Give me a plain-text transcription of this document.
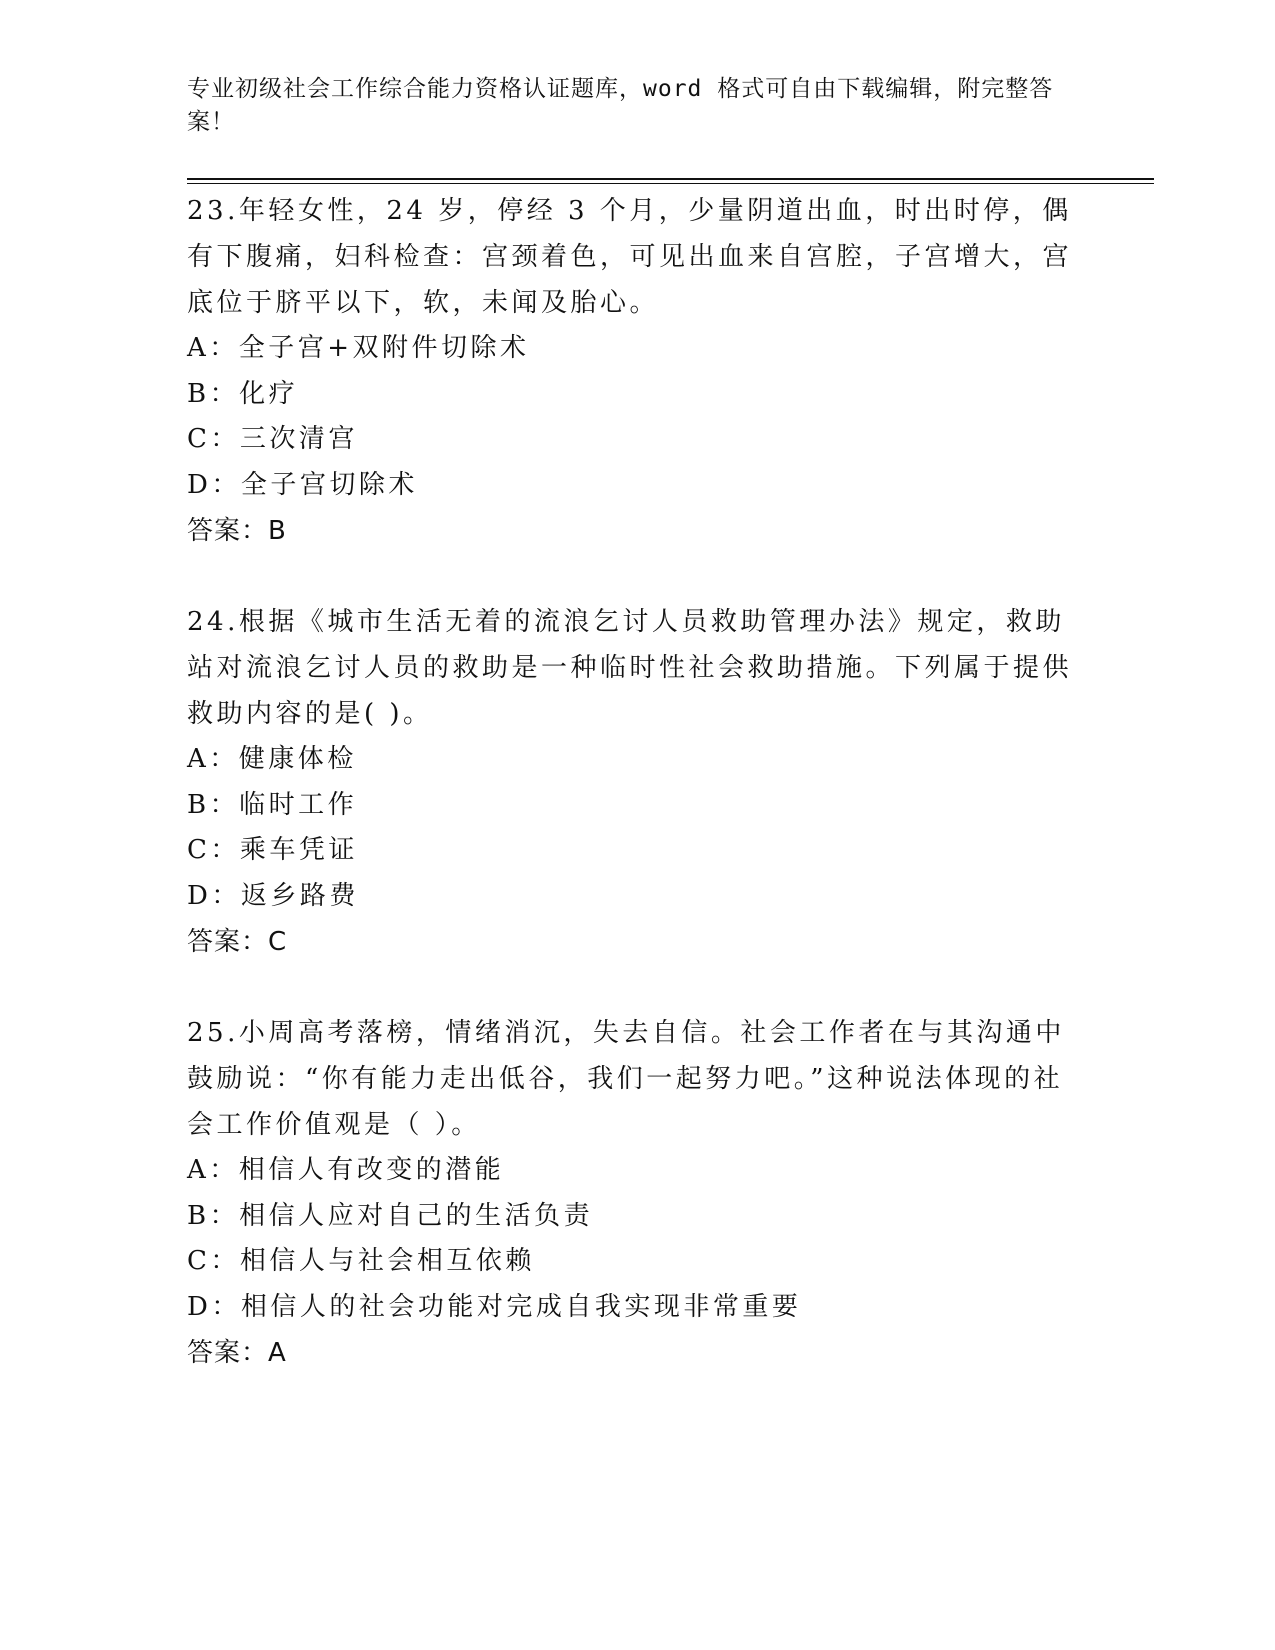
专业初级社会工作综合能力资格认证题库，word 格式可自由下载编辑，附完整答案！
23.年轻女性，24 岁，停经 3 个月，少量阴道出血，时出时停，偶有下腹痛，妇科检查：宫颈着色，可见出血来自宫腔，子宫增大，宫底位于脐平以下，软，未闻及胎心。
A：全子宫+双附件切除术
B：化疗
C：三次清宫
D：全子宫切除术
答案：B
24.根据《城市生活无着的流浪乞讨人员救助管理办法》规定，救助站对流浪乞讨人员的救助是一种临时性社会救助措施。下列属于提供救助内容的是( )。
A：健康体检
B：临时工作
C：乘车凭证
D：返乡路费
答案：C
25.小周高考落榜，情绪消沉，失去自信。社会工作者在与其沟通中鼓励说：“你有能力走出低谷，我们一起努力吧。”这种说法体现的社会工作价值观是（ ）。
A：相信人有改变的潜能
B：相信人应对自己的生活负责
C：相信人与社会相互依赖
D：相信人的社会功能对完成自我实现非常重要
答案：A
